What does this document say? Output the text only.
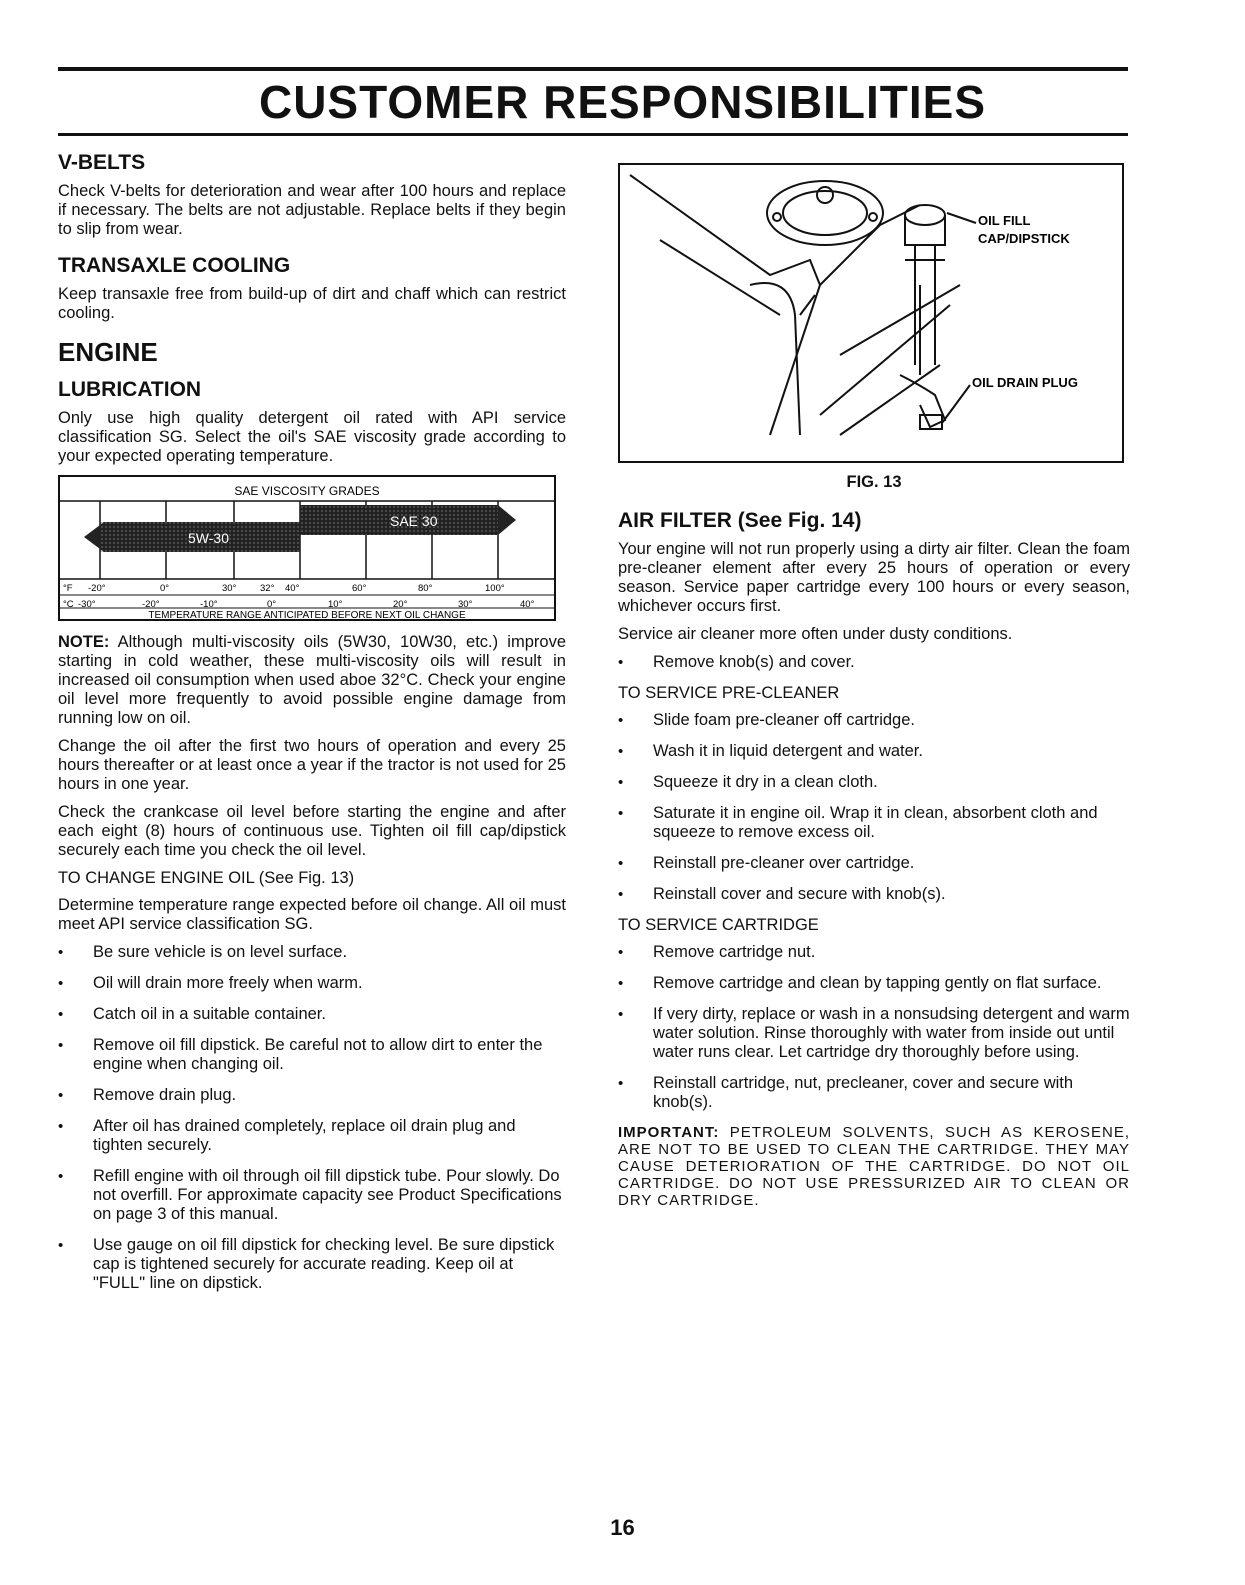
CUSTOMER RESPONSIBILITIES
V-BELTS

Check V-belts for deterioration and wear after 100 hours and replace if necessary. The belts are not adjustable. Replace belts if they begin to slip from wear.

TRANSAXLE COOLING

Keep transaxle free from build-up of dirt and chaff which can restrict cooling.

ENGINE
LUBRICATION

Only use high quality detergent oil rated with API service classification SG. Select the oil's SAE viscosity grade according to your expected operating temperature.

SAE VISCOSITY GRADES
5W-30
SAE 30
°F -20°	0°	30° 32° 40°	60°	80°	100°
°C -30°	-20°	-10°	0°	10°	20°	30°	40°
TEMPERATURE RANGE ANTICIPATED BEFORE NEXT OIL CHANGE

NOTE: Although multi-viscosity oils (5W30, 10W30, etc.) improve starting in cold weather, these multi-viscosity oils will result in increased oil consumption when used aboe 32°C. Check your engine oil level more frequently to avoid possible engine damage from running low on oil.

Change the oil after the first two hours of operation and every 25 hours thereafter or at least once a year if the tractor is not used for 25 hours in one year.

Check the crankcase oil level before starting the engine and after each eight (8) hours of continuous use. Tighten oil fill cap/dipstick securely each time you check the oil level.

TO CHANGE ENGINE OIL (See Fig. 13)

Determine temperature range expected before oil change. All oil must meet API service classification SG.

• Be sure vehicle is on level surface.
• Oil will drain more freely when warm.
• Catch oil in a suitable container.
• Remove oil fill dipstick. Be careful not to allow dirt to enter the engine when changing oil.
• Remove drain plug.
• After oil has drained completely, replace oil drain plug and tighten securely.
• Refill engine with oil through oil fill dipstick tube. Pour slowly. Do not overfill. For approximate capacity see Product Specifications on page 3 of this manual.
• Use gauge on oil fill dipstick for checking level. Be sure dipstick cap is tightened securely for accurate reading. Keep oil at "FULL" line on dipstick.
OIL FILL
CAP/DIPSTICK
OIL DRAIN PLUG
FIG. 13
AIR FILTER (See Fig. 14)

Your engine will not run properly using a dirty air filter. Clean the foam pre-cleaner element after every 25 hours of operation or every season. Service paper cartridge every 100 hours or every season, whichever occurs first.

Service air cleaner more often under dusty conditions.

• Remove knob(s) and cover.
TO SERVICE PRE-CLEANER
• Slide foam pre-cleaner off cartridge.
• Wash it in liquid detergent and water.
• Squeeze it dry in a clean cloth.
• Saturate it in engine oil. Wrap it in clean, absorbent cloth and squeeze to remove excess oil.
• Reinstall pre-cleaner over cartridge.
• Reinstall cover and secure with knob(s).
TO SERVICE CARTRIDGE
• Remove cartridge nut.
• Remove cartridge and clean by tapping gently on flat surface.
• If very dirty, replace or wash in a nonsudsing detergent and warm water solution. Rinse thoroughly with water from inside out until water runs clear. Let cartridge dry thoroughly before using.
• Reinstall cartridge, nut, precleaner, cover and secure with knob(s).

IMPORTANT: PETROLEUM SOLVENTS, SUCH AS KEROSENE, ARE NOT TO BE USED TO CLEAN THE CARTRIDGE. THEY MAY CAUSE DETERIORATION OF THE CARTRIDGE. DO NOT OIL CARTRIDGE. DO NOT USE PRESSURIZED AIR TO CLEAN OR DRY CARTRIDGE.

16
